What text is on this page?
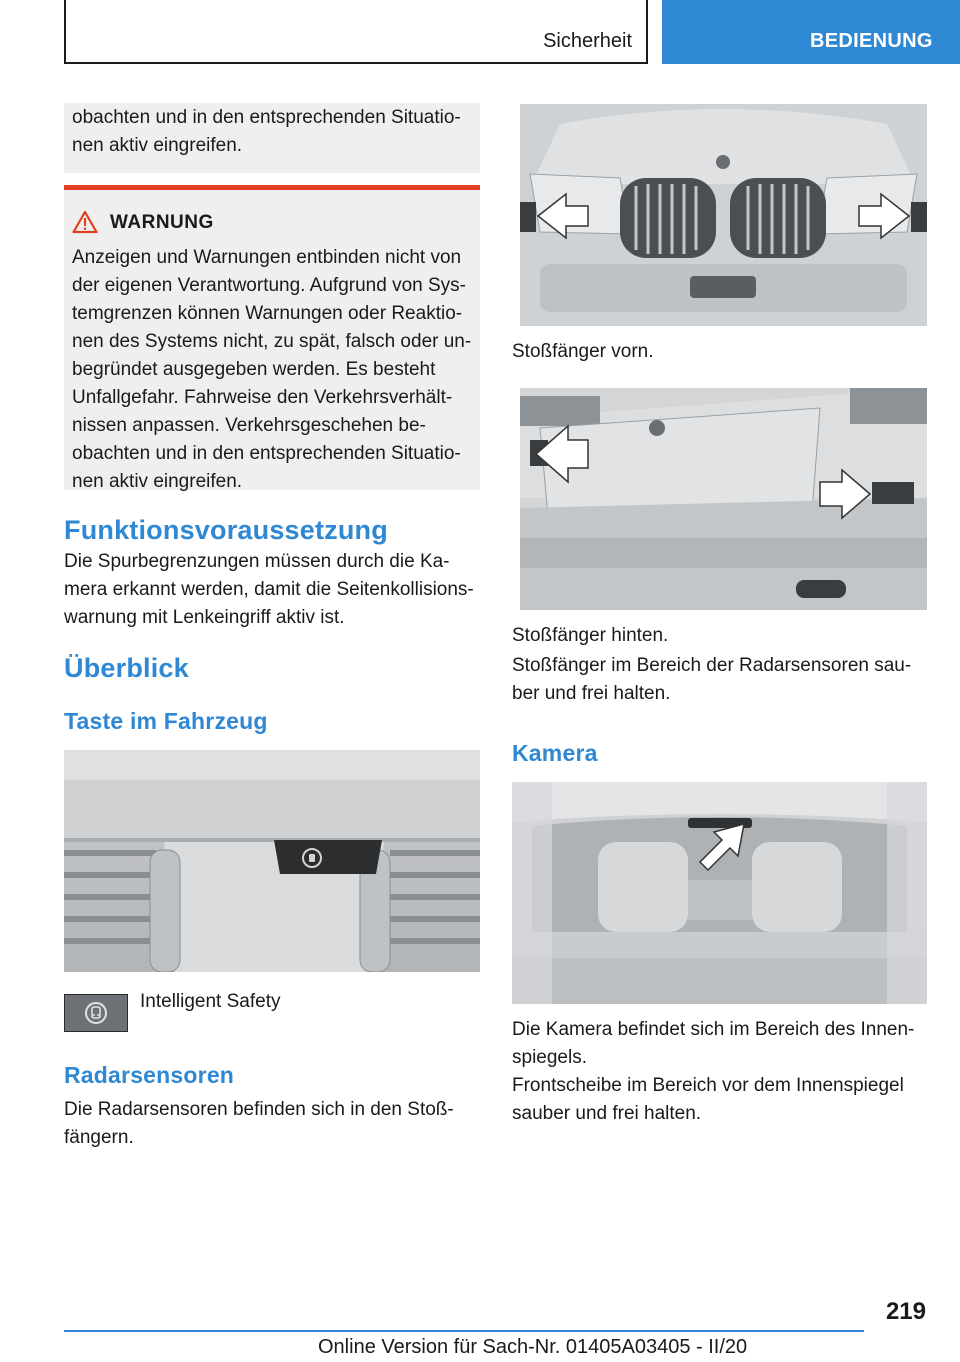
Sicherheit	BEDIENUNG
obachten und in den entsprechenden Situatio-
nen aktiv eingreifen.
WARNUNG
Anzeigen und Warnungen entbinden nicht von
der eigenen Verantwortung. Aufgrund von Sys-
temgrenzen können Warnungen oder Reaktio-
nen des Systems nicht, zu spät, falsch oder un-
begründet ausgegeben werden. Es besteht
Unfallgefahr. Fahrweise den Verkehrsverhält-
nissen anpassen. Verkehrsgeschehen be-
obachten und in den entsprechenden Situatio-
nen aktiv eingreifen.
Funktionsvoraussetzung
Die Spurbegrenzungen müssen durch die Ka-
mera erkannt werden, damit die Seitenkollisions-
warnung mit Lenkeingriff aktiv ist.
Überblick
Taste im Fahrzeug
Intelligent Safety
Radarsensoren
Die Radarsensoren befinden sich in den Stoß-
fängern.
Stoßfänger vorn.
Stoßfänger hinten.
Stoßfänger im Bereich der Radarsensoren sau-
ber und frei halten.
Kamera
Die Kamera befindet sich im Bereich des Innen-
spiegels.
Frontscheibe im Bereich vor dem Innenspiegel
sauber und frei halten.
219
Online Version für Sach-Nr. 01405A03405 - II/20
